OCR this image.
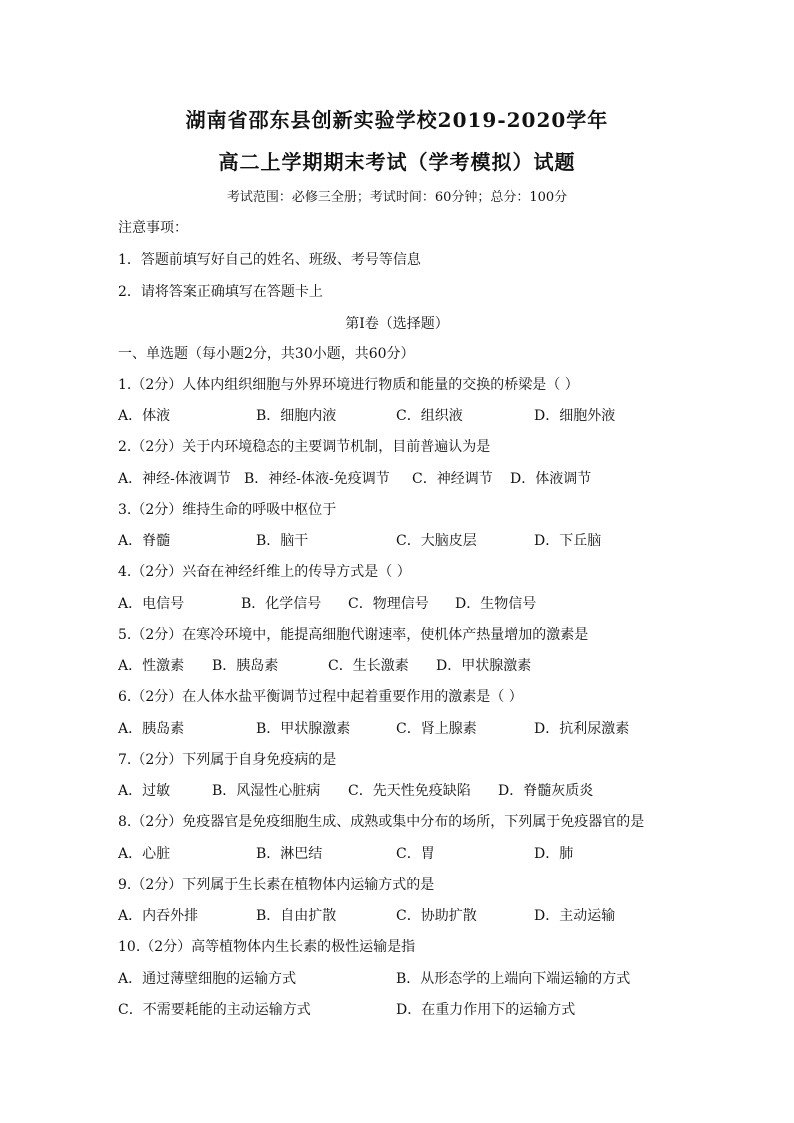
湖南省邵东县创新实验学校2019-2020学年
高二上学期期末考试（学考模拟）试题
考试范围：必修三全册；考试时间：60分钟；总分：100分
注意事项：
1．答题前填写好自己的姓名、班级、考号等信息
2．请将答案正确填写在答题卡上
第I卷（选择题）
一、单选题（每小题2分，共30小题，共60分）
1.（2分）人体内组织细胞与外界环境进行物质和能量的交换的桥梁是（ ）
A．体液	B．细胞内液	C．组织液	D．细胞外液
2.（2分）关于内环境稳态的主要调节机制，目前普遍认为是
A．神经-体液调节 B．神经-体液-免疫调节 C．神经调节 D．体液调节
3.（2分）维持生命的呼吸中枢位于
A．脊髓	B．脑干	C．大脑皮层	D．下丘脑
4.（2分）兴奋在神经纤维上的传导方式是（ ）
A．电信号	B．化学信号 C．物理信号 D．生物信号
5.（2分）在寒冷环境中，能提高细胞代谢速率，使机体产热量增加的激素是
A．性激素 B．胰岛素	C．生长激素 D．甲状腺激素
6.（2分）在人体水盐平衡调节过程中起着重要作用的激素是（ ）
A．胰岛素	B．甲状腺激素	C．肾上腺素	D．抗利尿激素
7.（2分）下列属于自身免疫病的是
A．过敏	B．风湿性心脏病 C．先天性免疫缺陷 D．脊髓灰质炎
8.（2分）免疫器官是免疫细胞生成、成熟或集中分布的场所，下列属于免疫器官的是
A．心脏	B．淋巴结	C．胃	D．肺
9.（2分）下列属于生长素在植物体内运输方式的是
A．内吞外排	B．自由扩散	C．协助扩散	D．主动运输
10.（2分）高等植物体内生长素的极性运输是指
A．通过薄壁细胞的运输方式	B．从形态学的上端向下端运输的方式
C．不需要耗能的主动运输方式	D．在重力作用下的运输方式
